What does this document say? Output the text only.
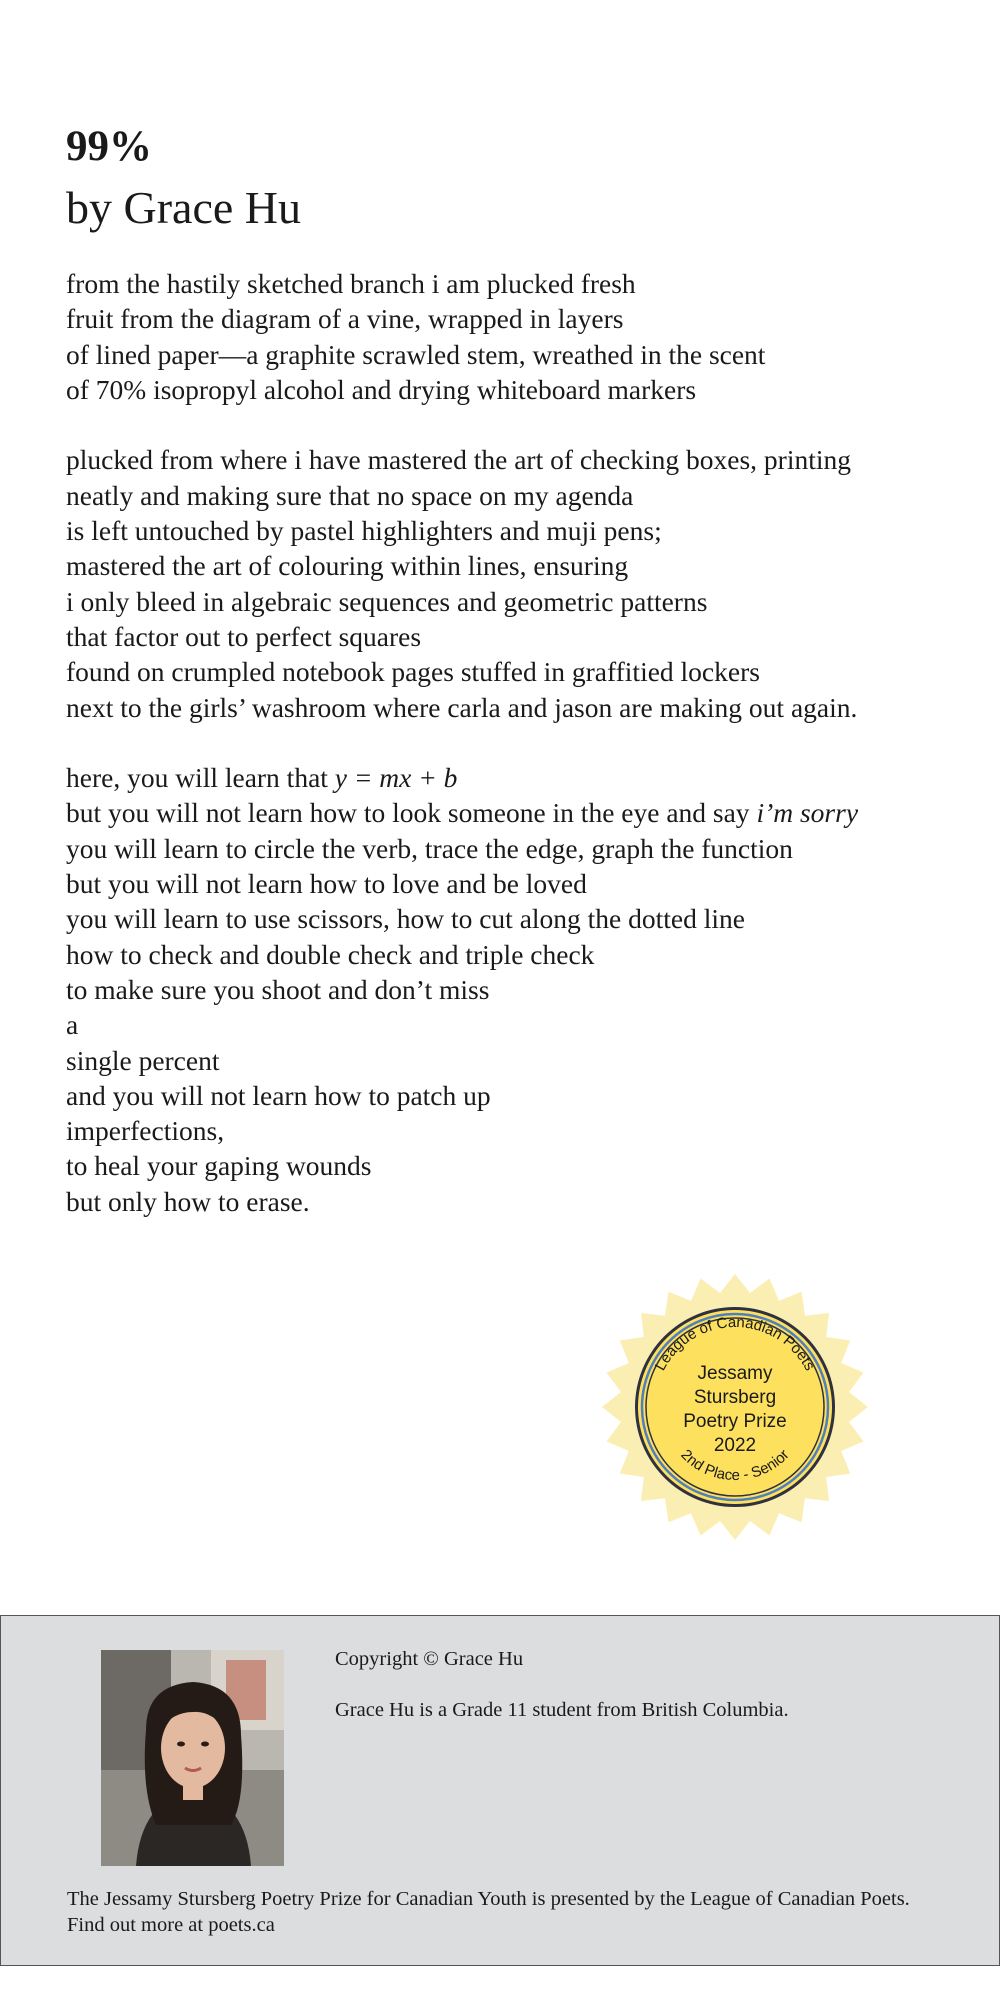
99%
by Grace Hu

from the hastily sketched branch i am plucked fresh
fruit from the diagram of a vine, wrapped in layers
of lined paper—a graphite scrawled stem, wreathed in the scent
of 70% isopropyl alcohol and drying whiteboard markers

plucked from where i have mastered the art of checking boxes, printing
neatly and making sure that no space on my agenda
is left untouched by pastel highlighters and muji pens;
mastered the art of colouring within lines, ensuring
i only bleed in algebraic sequences and geometric patterns
that factor out to perfect squares
found on crumpled notebook pages stuffed in graffitied lockers
next to the girls’ washroom where carla and jason are making out again.

here, you will learn that y = mx + b
but you will not learn how to look someone in the eye and say i’m sorry
you will learn to circle the verb, trace the edge, graph the function
but you will not learn how to love and be loved
you will learn to use scissors, how to cut along the dotted line
how to check and double check and triple check
to make sure you shoot and don’t miss
a
single percent
and you will not learn how to patch up
imperfections,
to heal your gaping wounds
but only how to erase.

League of Canadian Poets
2nd Place - Senior
Jessamy
Stursberg
Poetry Prize
2022

Copyright © Grace Hu

Grace Hu is a Grade 11 student from British Columbia.

The Jessamy Stursberg Poetry Prize for Canadian Youth is presented by the League of Canadian Poets.
Find out more at poets.ca
